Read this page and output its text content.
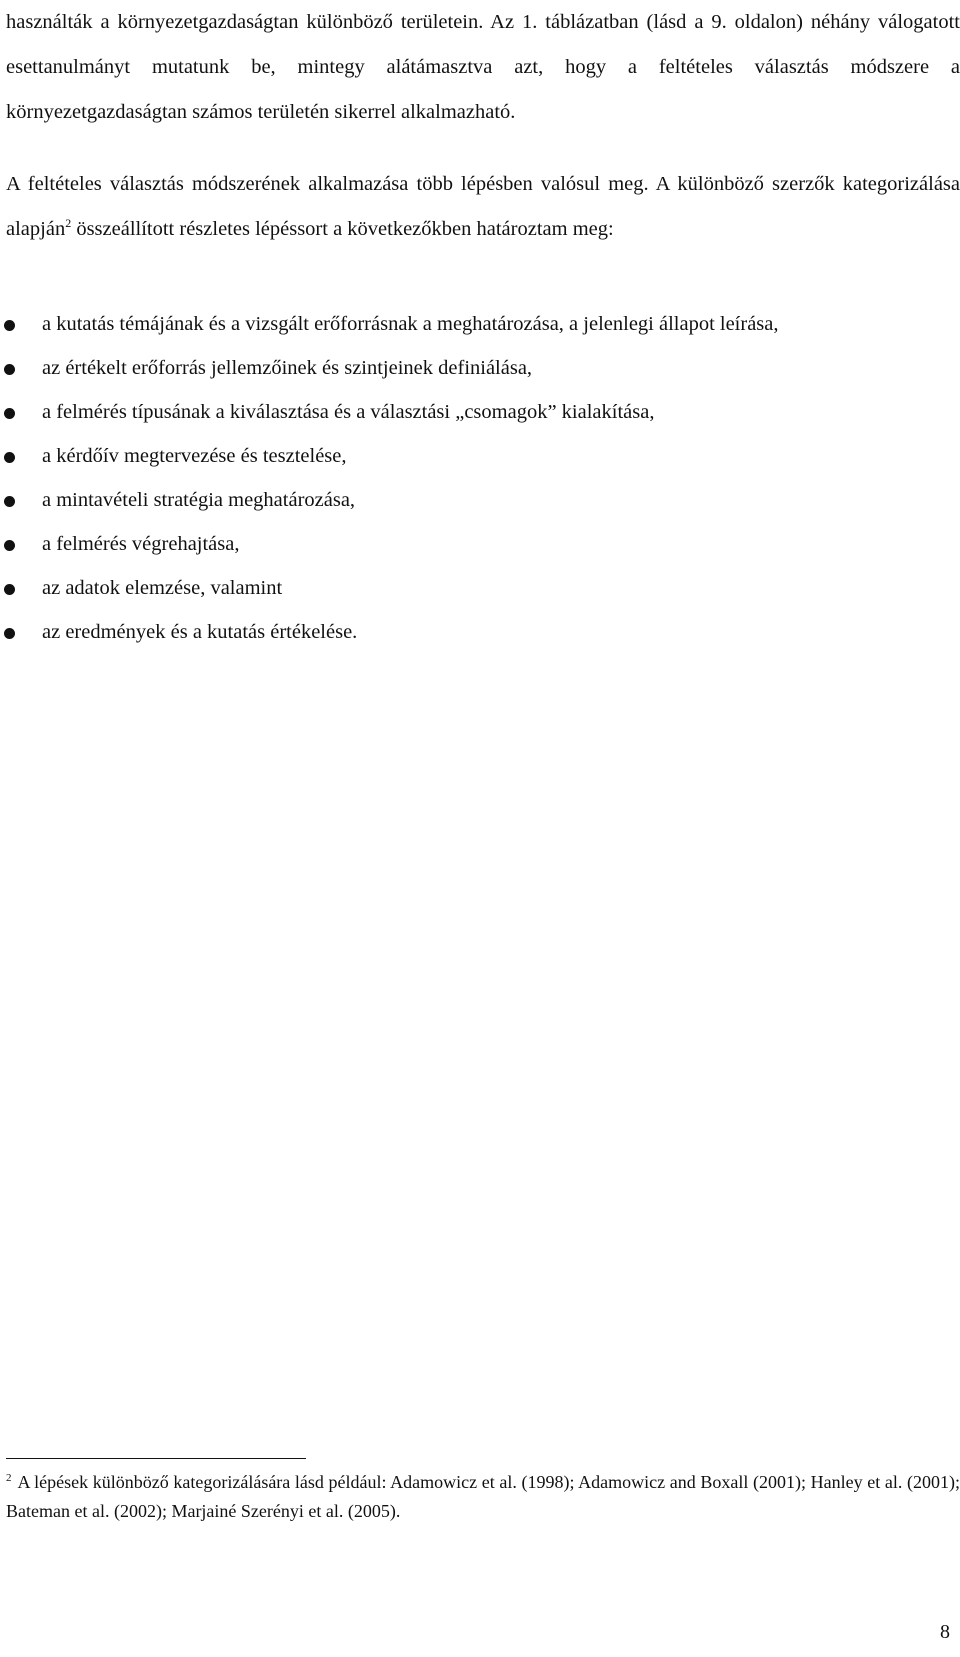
használták a környezetgazdaságtan különböző területein. Az 1. táblázatban (lásd a 9. oldalon) néhány válogatott esettanulmányt mutatunk be, mintegy alátámasztva azt, hogy a feltételes választás módszere a környezetgazdaságtan számos területén sikerrel alkalmazható.

A feltételes választás módszerének alkalmazása több lépésben valósul meg. A különböző szerzők kategorizálása alapján$^2$ összeállított részletes lépéssort a következőkben határoztam meg:

a kutatás témájának és a vizsgált erőforrásnak a meghatározása, a jelenlegi állapot leírása,
az értékelt erőforrás jellemzőinek és szintjeinek definiálása,
a felmérés típusának a kiválasztása és a választási „csomagok” kialakítása,
a kérdőív megtervezése és tesztelése,
a mintavételi stratégia meghatározása,
a felmérés végrehajtása,
az adatok elemzése, valamint
az eredmények és a kutatás értékelése.

$^2$ A lépések különböző kategorizálására lásd például: Adamowicz et al. (1998); Adamowicz and Boxall (2001); Hanley et al. (2001); Bateman et al. (2002); Marjainé Szerényi et al. (2005).

8
